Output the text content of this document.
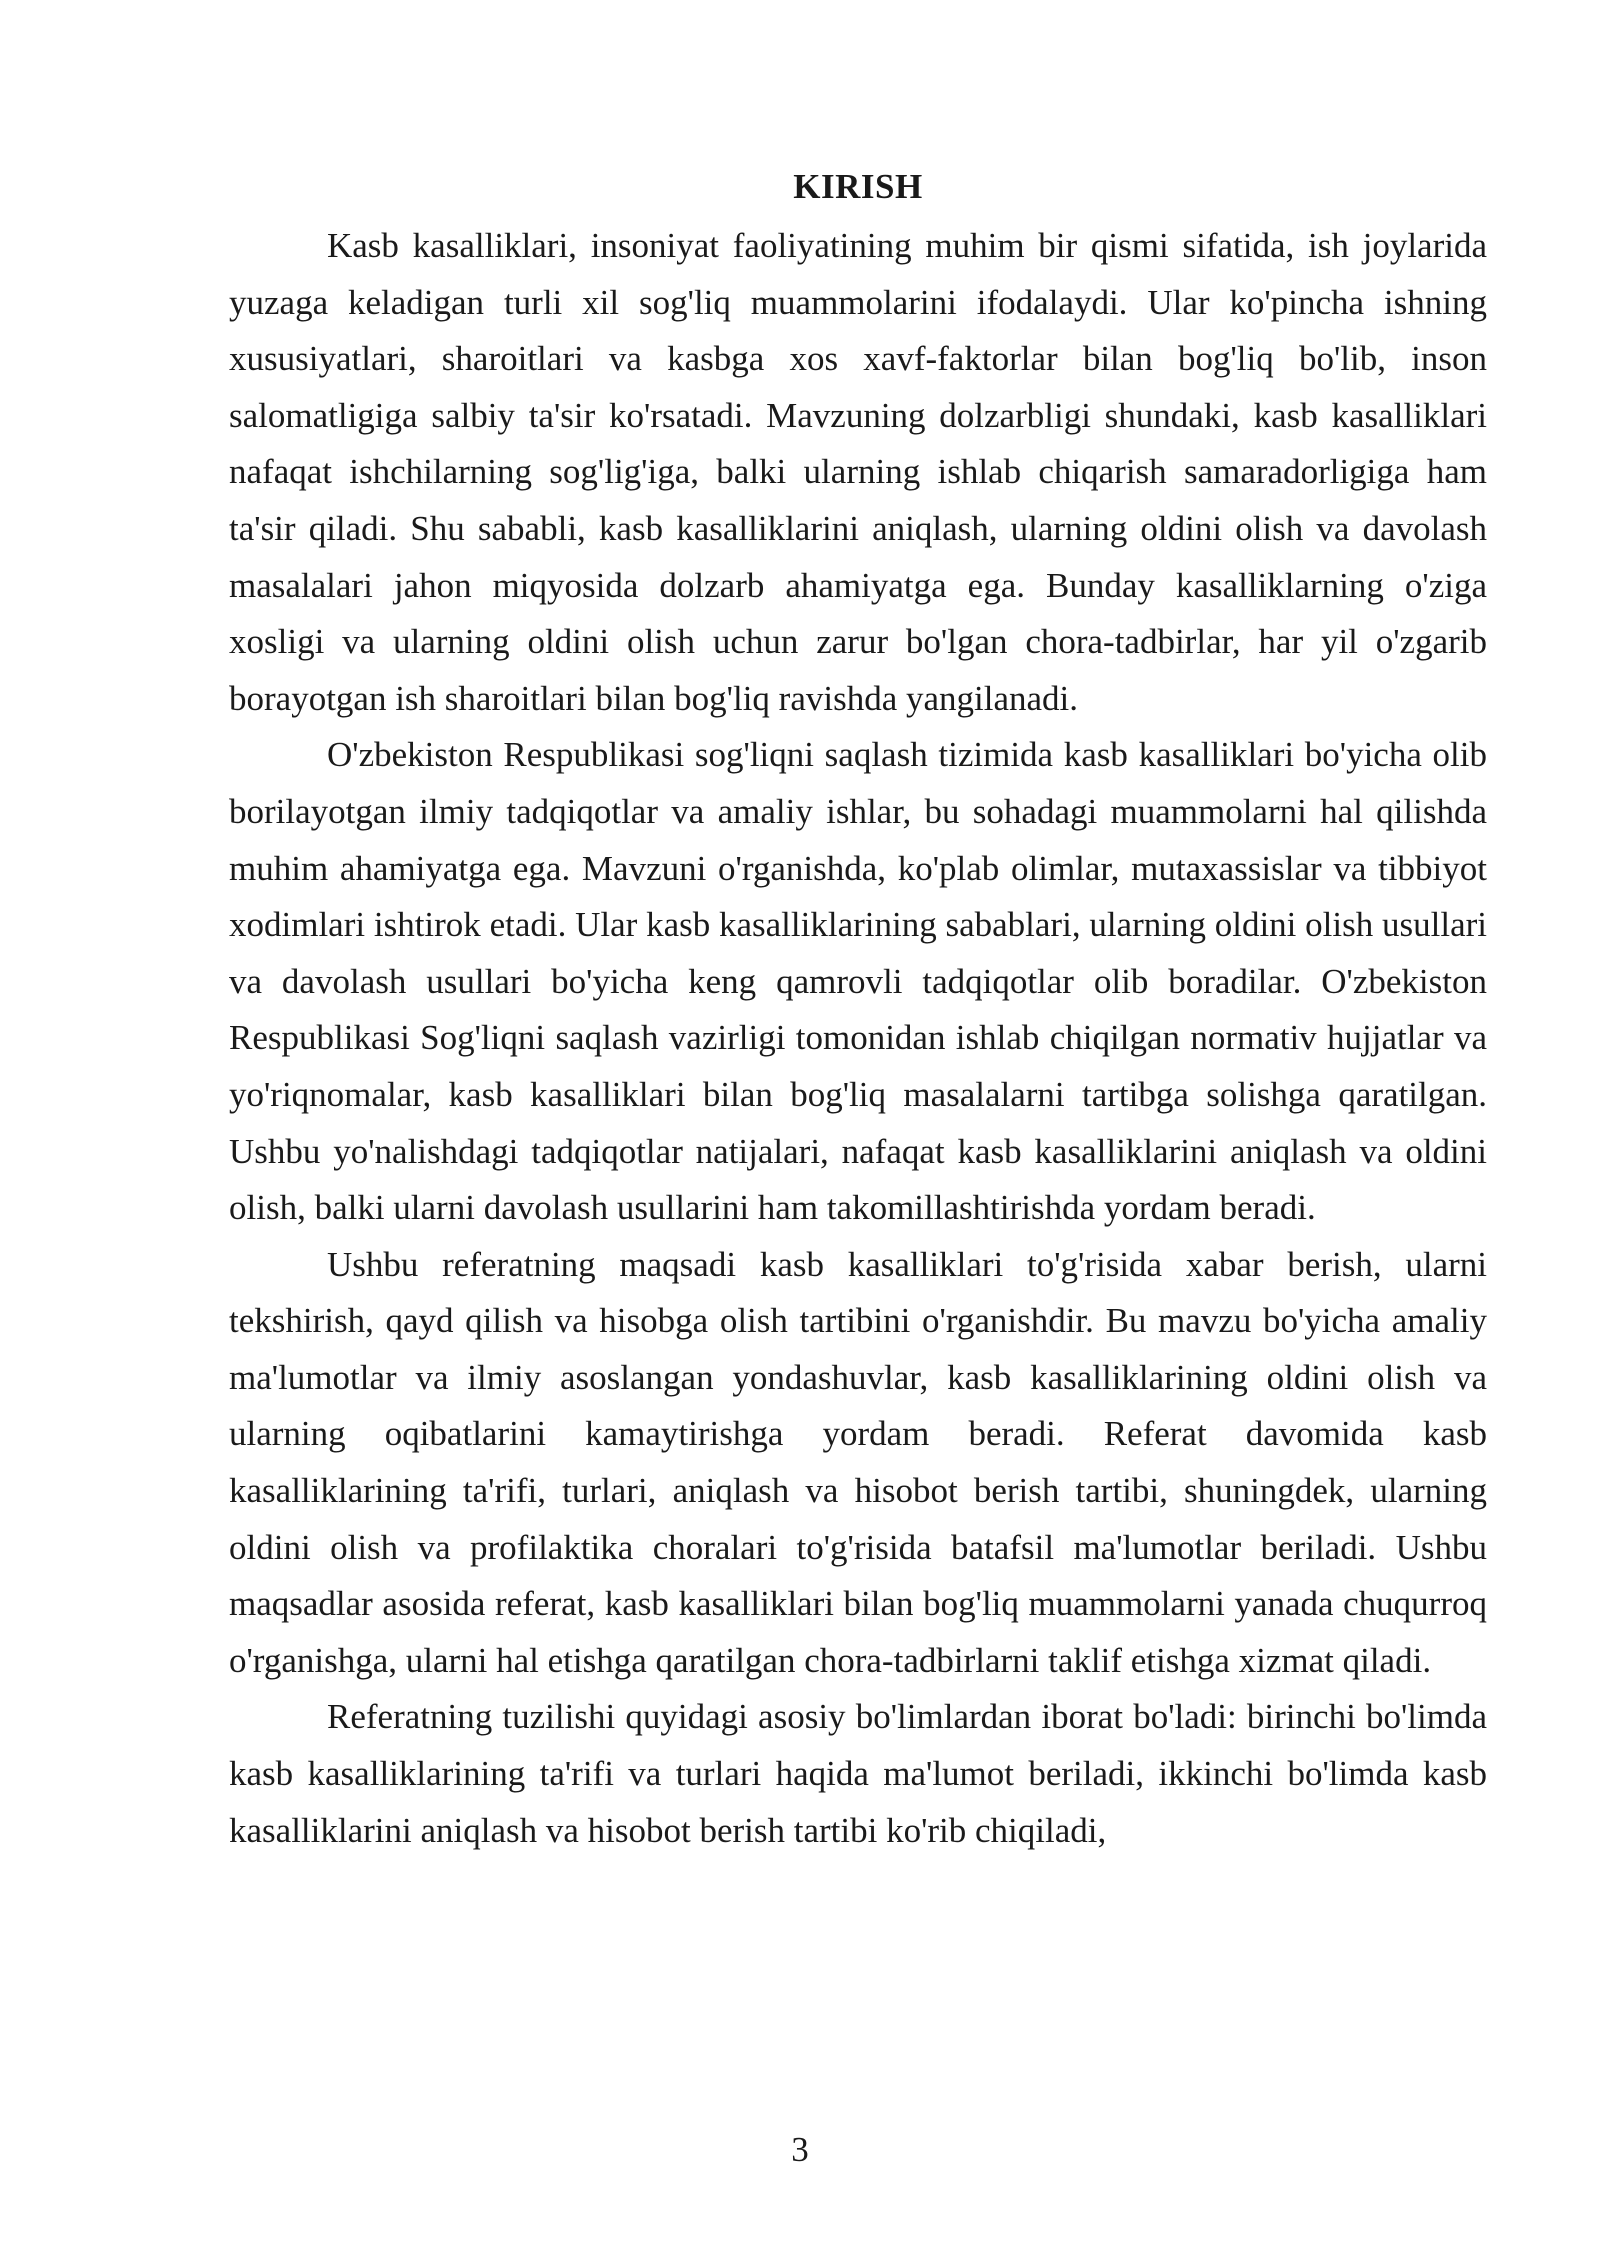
KIRISH

Kasb kasalliklari, insoniyat faoliyatining muhim bir qismi sifatida, ish joylarida yuzaga keladigan turli xil sog'liq muammolarini ifodalaydi. Ular ko'pincha ishning xususiyatlari, sharoitlari va kasbga xos xavf-faktorlar bilan bog'liq bo'lib, inson salomatligiga salbiy ta'sir ko'rsatadi. Mavzuning dolzarbligi shundaki, kasb kasalliklari nafaqat ishchilarning sog'lig'iga, balki ularning ishlab chiqarish samaradorligiga ham ta'sir qiladi. Shu sababli, kasb kasalliklarini aniqlash, ularning oldini olish va davolash masalalari jahon miqyosida dolzarb ahamiyatga ega. Bunday kasalliklarning o'ziga xosligi va ularning oldini olish uchun zarur bo'lgan chora-tadbirlar, har yil o'zgarib borayotgan ish sharoitlari bilan bog'liq ravishda yangilanadi.

O'zbekiston Respublikasi sog'liqni saqlash tizimida kasb kasalliklari bo'yicha olib borilayotgan ilmiy tadqiqotlar va amaliy ishlar, bu sohadagi muammolarni hal qilishda muhim ahamiyatga ega. Mavzuni o'rganishda, ko'plab olimlar, mutaxassislar va tibbiyot xodimlari ishtirok etadi. Ular kasb kasalliklarining sabablari, ularning oldini olish usullari va davolash usullari bo'yicha keng qamrovli tadqiqotlar olib boradilar. O'zbekiston Respublikasi Sog'liqni saqlash vazirligi tomonidan ishlab chiqilgan normativ hujjatlar va yo'riqnomalar, kasb kasalliklari bilan bog'liq masalalarni tartibga solishga qaratilgan. Ushbu yo'nalishdagi tadqiqotlar natijalari, nafaqat kasb kasalliklarini aniqlash va oldini olish, balki ularni davolash usullarini ham takomillashtirishda yordam beradi.

Ushbu referatning maqsadi kasb kasalliklari to'g'risida xabar berish, ularni tekshirish, qayd qilish va hisobga olish tartibini o'rganishdir. Bu mavzu bo'yicha amaliy ma'lumotlar va ilmiy asoslangan yondashuvlar, kasb kasalliklarining oldini olish va ularning oqibatlarini kamaytirishga yordam beradi. Referat davomida kasb kasalliklarining ta'rifi, turlari, aniqlash va hisobot berish tartibi, shuningdek, ularning oldini olish va profilaktika choralari to'g'risida batafsil ma'lumotlar beriladi. Ushbu maqsadlar asosida referat, kasb kasalliklari bilan bog'liq muammolarni yanada chuqurroq o'rganishga, ularni hal etishga qaratilgan chora-tadbirlarni taklif etishga xizmat qiladi.

Referatning tuzilishi quyidagi asosiy bo'limlardan iborat bo'ladi: birinchi bo'limda kasb kasalliklarining ta'rifi va turlari haqida ma'lumot beriladi, ikkinchi bo'limda kasb kasalliklarini aniqlash va hisobot berish tartibi ko'rib chiqiladi,

3
